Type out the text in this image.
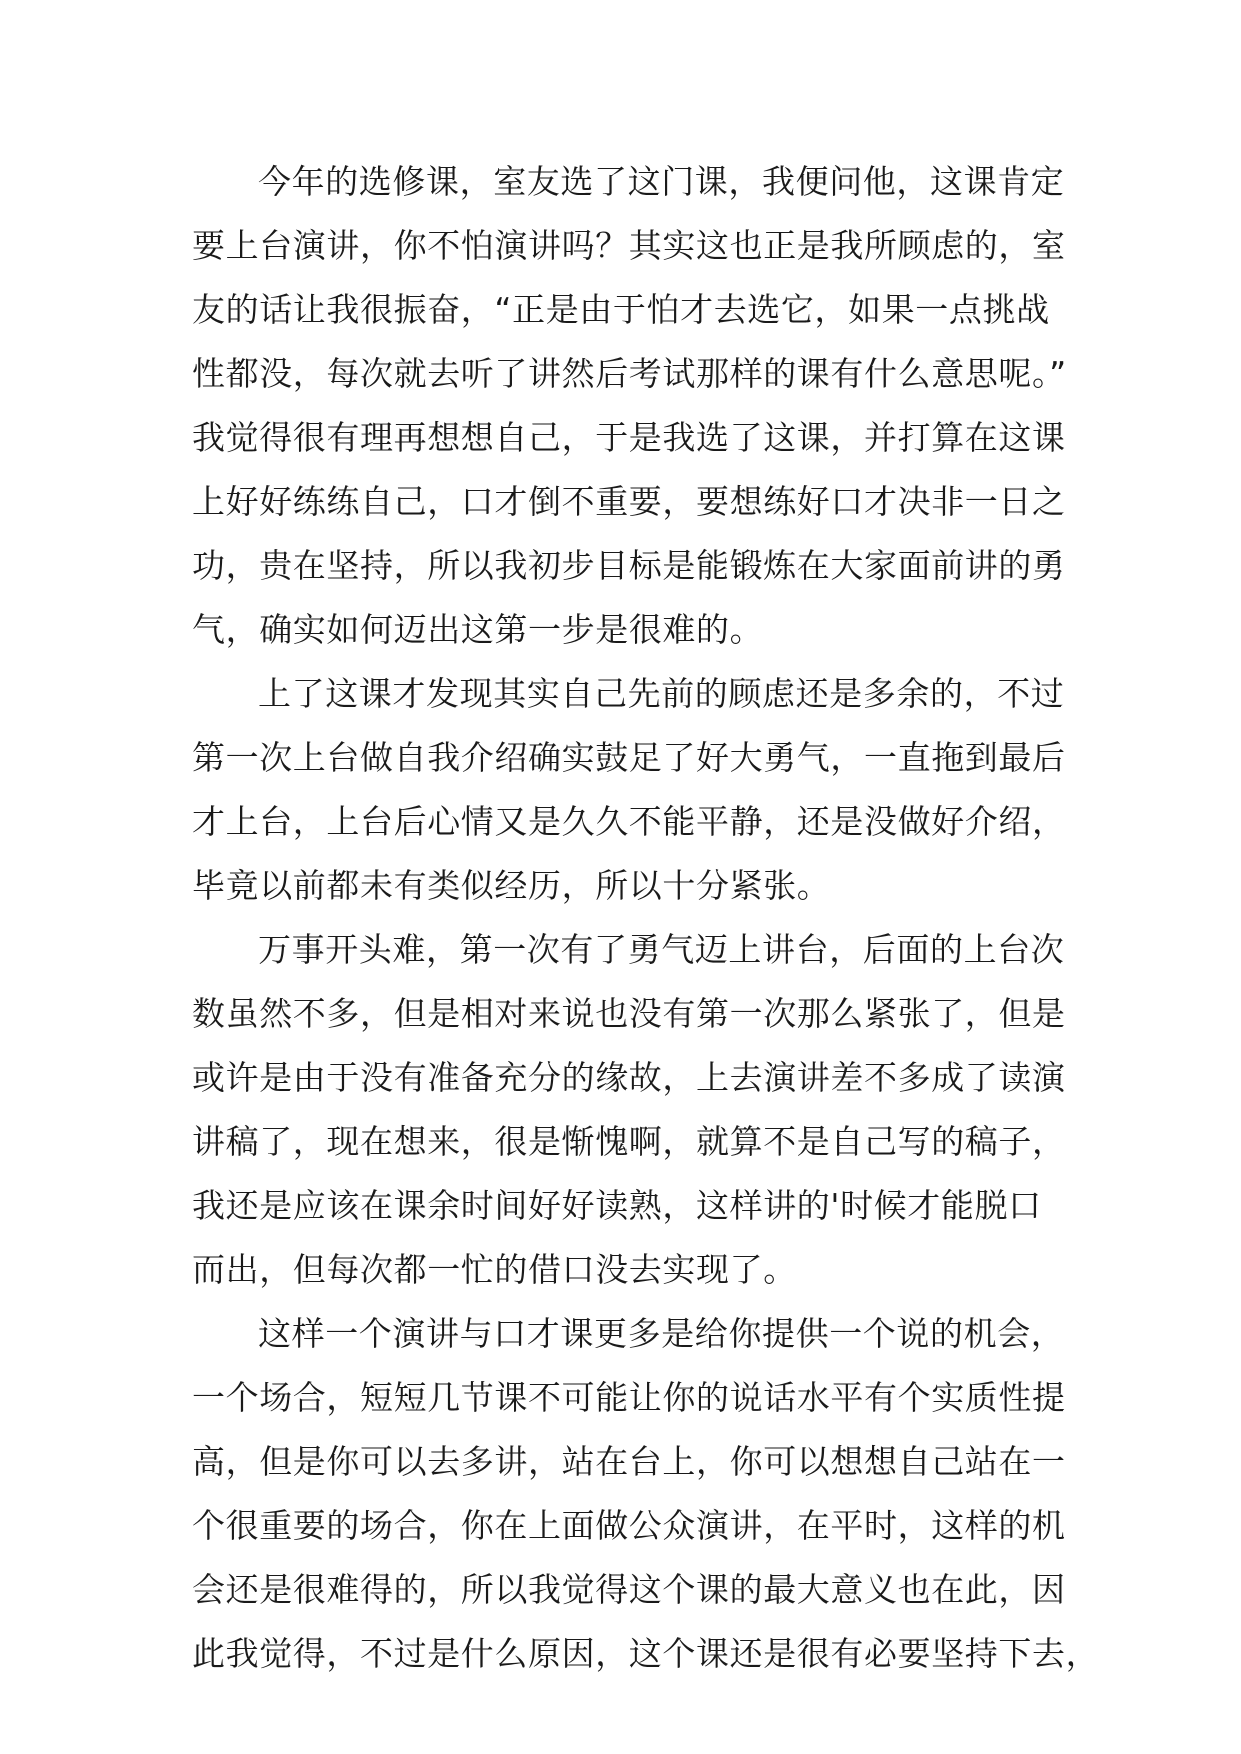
今年的选修课，室友选了这门课，我便问他，这课肯定
要上台演讲，你不怕演讲吗？其实这也正是我所顾虑的，室
友的话让我很振奋，“正是由于怕才去选它，如果一点挑战
性都没，每次就去听了讲然后考试那样的课有什么意思呢。”
我觉得很有理再想想自己，于是我选了这课，并打算在这课
上好好练练自己，口才倒不重要，要想练好口才决非一日之
功，贵在坚持，所以我初步目标是能锻炼在大家面前讲的勇
气，确实如何迈出这第一步是很难的。
上了这课才发现其实自己先前的顾虑还是多余的，不过
第一次上台做自我介绍确实鼓足了好大勇气，一直拖到最后
才上台，上台后心情又是久久不能平静，还是没做好介绍，
毕竟以前都未有类似经历，所以十分紧张。
万事开头难，第一次有了勇气迈上讲台，后面的上台次
数虽然不多，但是相对来说也没有第一次那么紧张了，但是
或许是由于没有准备充分的缘故，上去演讲差不多成了读演
讲稿了，现在想来，很是惭愧啊，就算不是自己写的稿子，
我还是应该在课余时间好好读熟，这样讲的'时候才能脱口
而出，但每次都一忙的借口没去实现了。
这样一个演讲与口才课更多是给你提供一个说的机会，
一个场合，短短几节课不可能让你的说话水平有个实质性提
高，但是你可以去多讲，站在台上，你可以想想自己站在一
个很重要的场合，你在上面做公众演讲，在平时，这样的机
会还是很难得的，所以我觉得这个课的最大意义也在此，因
此我觉得，不过是什么原因，这个课还是很有必要坚持下去，
